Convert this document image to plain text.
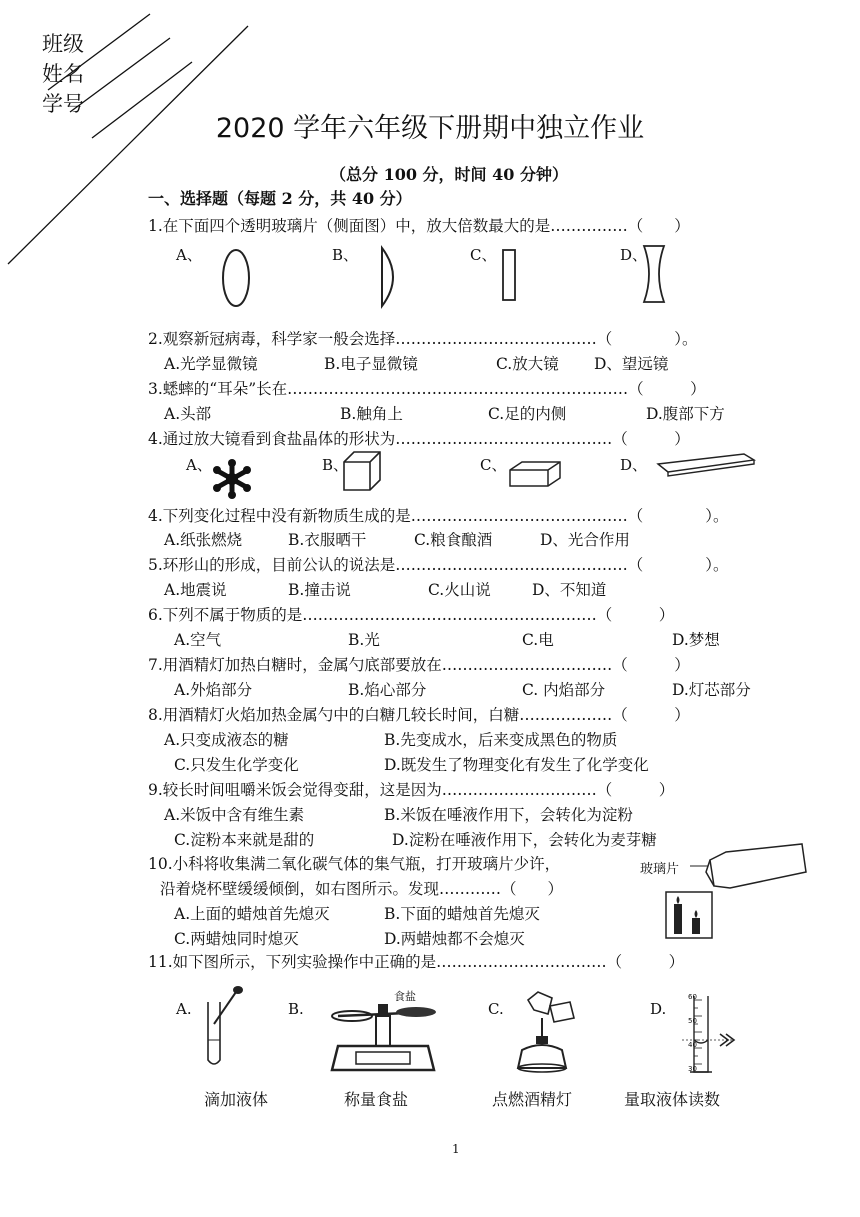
班级
姓名
学号
2020 学年六年级下册期中独立作业
（总分 100 分，时间 40 分钟）
一、选择题（每题 2 分，共 40 分）
1.在下面四个透明玻璃片（侧面图）中，放大倍数最大的是……………（　　）
A、	B、	C、	D、
2.观察新冠病毒，科学家一般会选择…………………………………（　　　　）。
A.光学显微镜	B.电子显微镜	C.放大镜 D、望远镜
3.蟋蟀的“耳朵”长在…………………………………………………………（　　　）
A.头部	B.触角上	C.足的内侧	D.腹部下方
4.通过放大镜看到食盐晶体的形状为……………………………………（　　　）
A、	B、	C、	D、
4.下列变化过程中没有新物质生成的是……………………………………（　　　　）。
A.纸张燃烧	B.衣服晒干	C.粮食酿酒	D、光合作用
5.环形山的形成，目前公认的说法是………………………………………（　　　　）。
A.地震说	B.撞击说	C.火山说	D、不知道
6.下列不属于物质的是…………………………………………………（　　　）
A.空气	B.光	C.电	D.梦想
7.用酒精灯加热白糖时，金属勺底部要放在……………………………（　　　）
A.外焰部分	B.焰心部分	C. 内焰部分	D.灯芯部分
8.用酒精灯火焰加热金属勺中的白糖几较长时间，白糖………………（　　　）
A.只变成液态的糖	B.先变成水，后来变成黑色的物质
C.只发生化学变化	D.既发生了物理变化有发生了化学变化
9.较长时间咀嚼米饭会觉得变甜，这是因为…………………………（　　　）
A.米饭中含有维生素	B.米饭在唾液作用下，会转化为淀粉
C.淀粉本来就是甜的	D.淀粉在唾液作用下，会转化为麦芽糖
10.小科将收集满二氧化碳气体的集气瓶，打开玻璃片少许，
沿着烧杯壁缓缓倾倒，如右图所示。发现…………（　　）
A.上面的蜡烛首先熄灭	B.下面的蜡烛首先熄灭
C.两蜡烛同时熄灭	D.两蜡烛都不会熄灭
玻璃片
11.如下图所示，下列实验操作中正确的是……………………………（　　　）
A.	B.	C.	D.
食盐	60
50
40
30
滴加液体	称量食盐	点燃酒精灯	量取液体读数
1
